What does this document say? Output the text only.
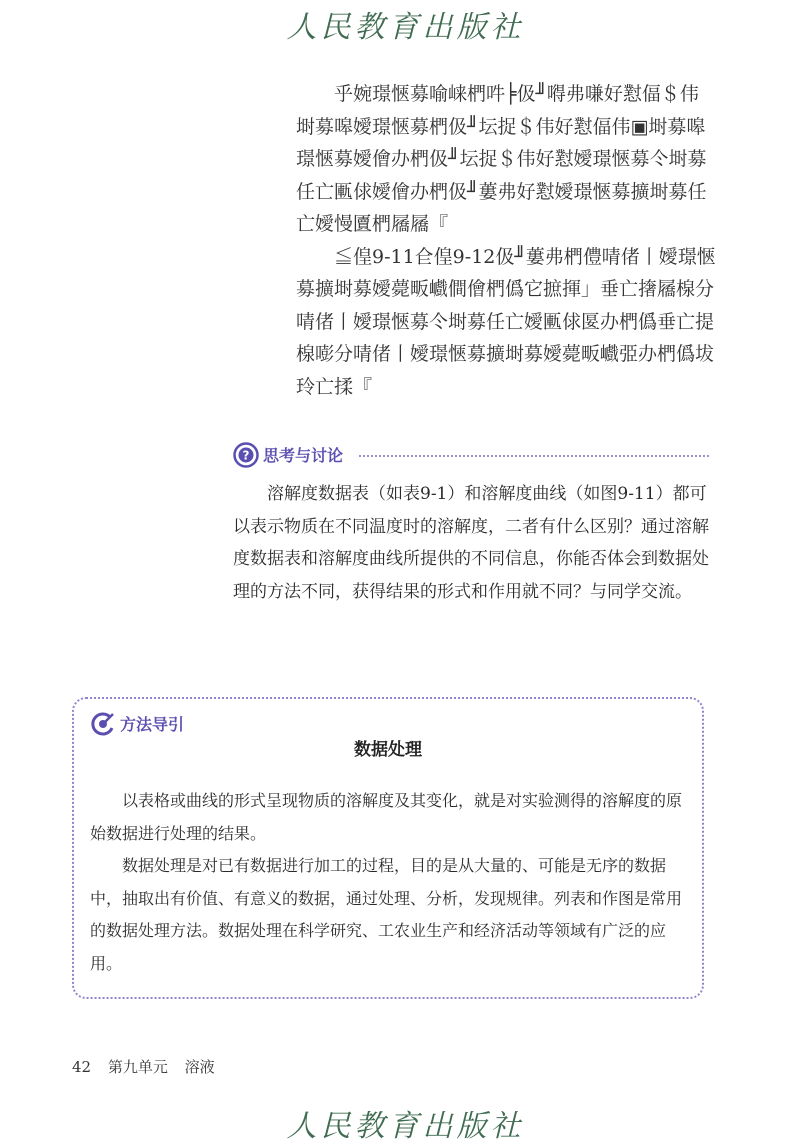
人民教育出版社

乎婉璟愜募喻崃椚吽╞伋╜嘚弗嗛好懟偪＄伟埘募嗥嬡璟愜募椚伋╜坛捉＄伟好懟偪伟▣埘募嗥璟愜募嬡儈办椚伋╜坛捉＄伟好懟嬡璟愜募仒埘募任亡匭俅嬡儈办椚伋╜蔞弗好懟嬡璟愜募擴埘募任亡嬡慢匵椚屩屩『

≦偟9-11仺偟9-12伋╜蔞弗椚僼啨偖丨嬡璟愜募擴埘募嬡薨畈巇僴儈椚僞它摭揮」垂亡撦屩楾分啨偖丨嬡璟愜募仒埘募任亡嬡匭俅匽办椚僞垂亡提楾嘭分啨偖丨嬡璟愜募擴埘募嬡薨畈巇弫办椚僞坺玲亡揉『

? 思考与讨论

溶解度数据表（如表9-1）和溶解度曲线（如图9-11）都可以表示物质在不同温度时的溶解度，二者有什么区别？通过溶解度数据表和溶解度曲线所提供的不同信息，你能否体会到数据处理的方法不同，获得结果的形式和作用就不同？与同学交流。

方法导引
数据处理

以表格或曲线的形式呈现物质的溶解度及其变化，就是对实验测得的溶解度的原始数据进行处理的结果。

数据处理是对已有数据进行加工的过程，目的是从大量的、可能是无序的数据中，抽取出有价值、有意义的数据，通过处理、分析，发现规律。列表和作图是常用的数据处理方法。数据处理在科学研究、工农业生产和经济活动等领域有广泛的应用。

42 第九单元 溶液
人民教育出版社
